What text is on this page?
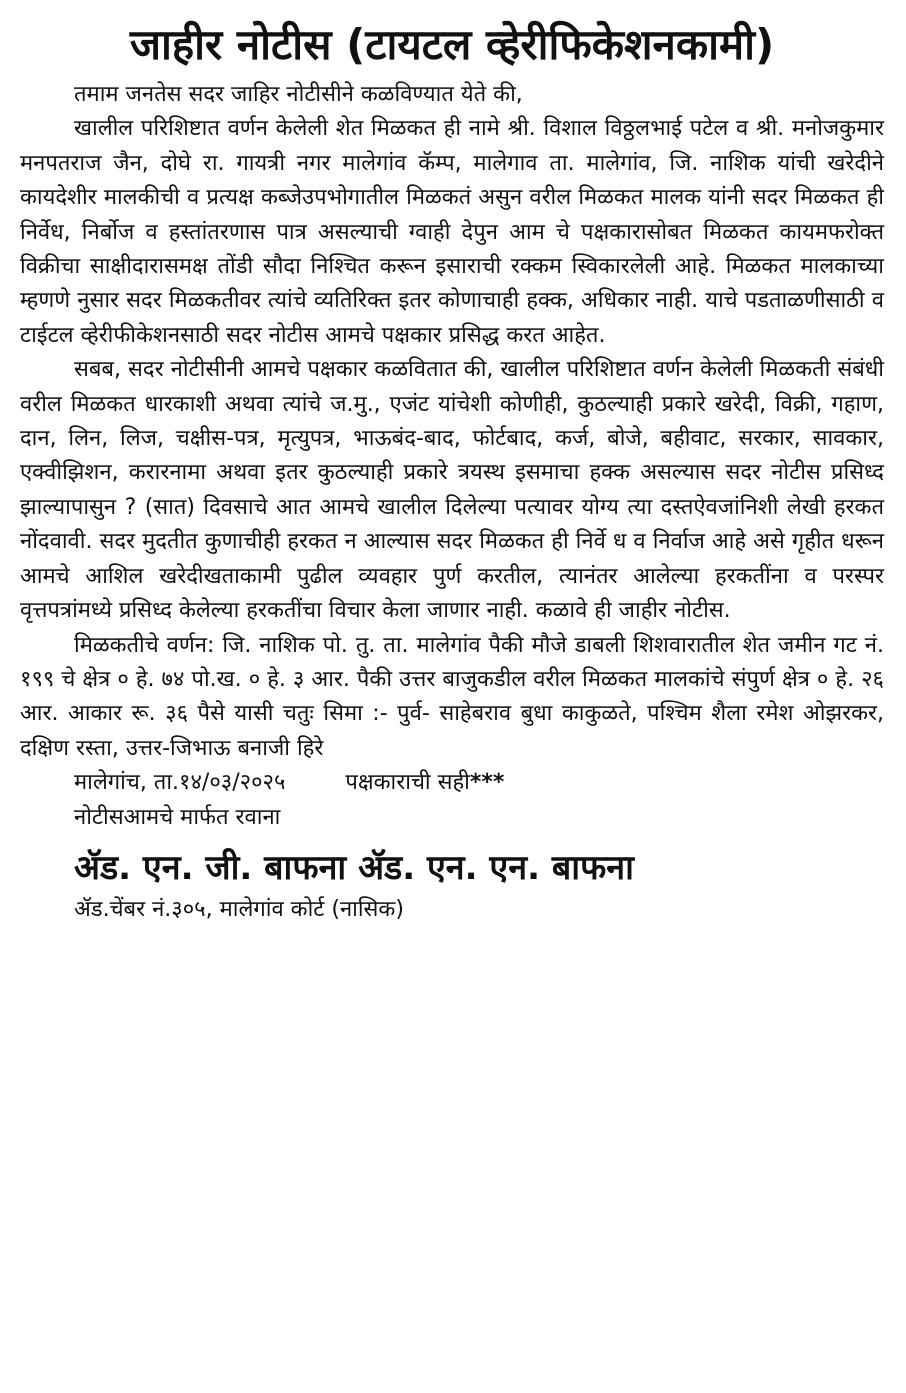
जाहीर नोटीस (टायटल व्हेरीफिकेशनकामी)

तमाम जनतेस सदर जाहिर नोटीसीने कळविण्यात येते की,

खालील परिशिष्टात वर्णन केलेली शेत मिळकत ही नामे श्री. विशाल विठ्ठलभाई पटेल व श्री. मनोजकुमार मनपतराज जैन, दोघे रा. गायत्री नगर मालेगांव कॅम्प, मालेगाव ता. मालेगांव, जि. नाशिक यांची खरेदीने कायदेशीर मालकीची व प्रत्यक्ष कब्जेउपभोगातील मिळकतं असुन वरील मिळकत मालक यांनी सदर मिळकत ही निर्वेध, निर्बोज व हस्तांतरणास पात्र असल्याची ग्वाही देपुन आम चे पक्षकारासोबत मिळकत कायमफरोक्त विक्रीचा साक्षीदारासमक्ष तोंडी सौदा निश्चित करून इसाराची रक्कम स्विकारलेली आहे. मिळकत मालकाच्या म्हणणे नुसार सदर मिळकतीवर त्यांचे व्यतिरिक्त इतर कोणाचाही हक्क, अधिकार नाही. याचे पडताळणीसाठी व टाईटल व्हेरीफीकेशनसाठी सदर नोटीस आमचे पक्षकार प्रसिद्ध करत आहेत.

सबब, सदर नोटीसीनी आमचे पक्षकार कळवितात की, खालील परिशिष्टात वर्णन केलेली मिळकती संबंधी वरील मिळकत धारकाशी अथवा त्यांचे ज.मु., एजंट यांचेशी कोणीही, कुठल्याही प्रकारे खरेदी, विक्री, गहाण, दान, लिन, लिज, चक्षीस-पत्र, मृत्युपत्र, भाऊबंद-बाद, फोर्टबाद, कर्ज, बोजे, बहीवाट, सरकार, सावकार, एक्वीझिशन, करारनामा अथवा इतर कुठल्याही प्रकारे त्रयस्थ इसमाचा हक्क असल्यास सदर नोटीस प्रसिध्द झाल्यापासुन ? (सात) दिवसाचे आत आमचे खालील दिलेल्या पत्यावर योग्य त्या दस्तऐवजांनिशी लेखी हरकत नोंदवावी. सदर मुदतीत कुणाचीही हरकत न आल्यास सदर मिळकत ही निर्वे ध व निर्वाज आहे असे गृहीत धरून आमचे आशिल खरेदीखताकामी पुढील व्यवहार पुर्ण करतील, त्यानंतर आलेल्या हरकतींना व परस्पर वृत्तपत्रांमध्ये प्रसिध्द केलेल्या हरकतींचा विचार केला जाणार नाही. कळावे ही जाहीर नोटीस.

मिळकतीचे वर्णन: जि. नाशिक पो. तु. ता. मालेगांव पैकी मौजे डाबली शिशवारातील शेत जमीन गट नं. १९९ चे क्षेत्र ० हे. ७४ पो.ख. ० हे. ३ आर. पैकी उत्तर बाजुकडील वरील मिळकत मालकांचे संपुर्ण क्षेत्र ० हे. २६ आर. आकार रू. ३६ पैसे यासी चतुः सिमा :- पुर्व- साहेबराव बुधा काकुळते, पश्चिम शैला रमेश ओझरकर, दक्षिण रस्ता, उत्तर-जिभाऊ बनाजी हिरे

मालेगांच, ता.१४/०३/२०२५	पक्षकाराची सही***

नोटीसआमचे मार्फत रवाना

ॲड. एन. जी. बाफना ॲड. एन. एन. बाफना

ॲड.चेंबर नं.३०५, मालेगांव कोर्ट (नासिक)
